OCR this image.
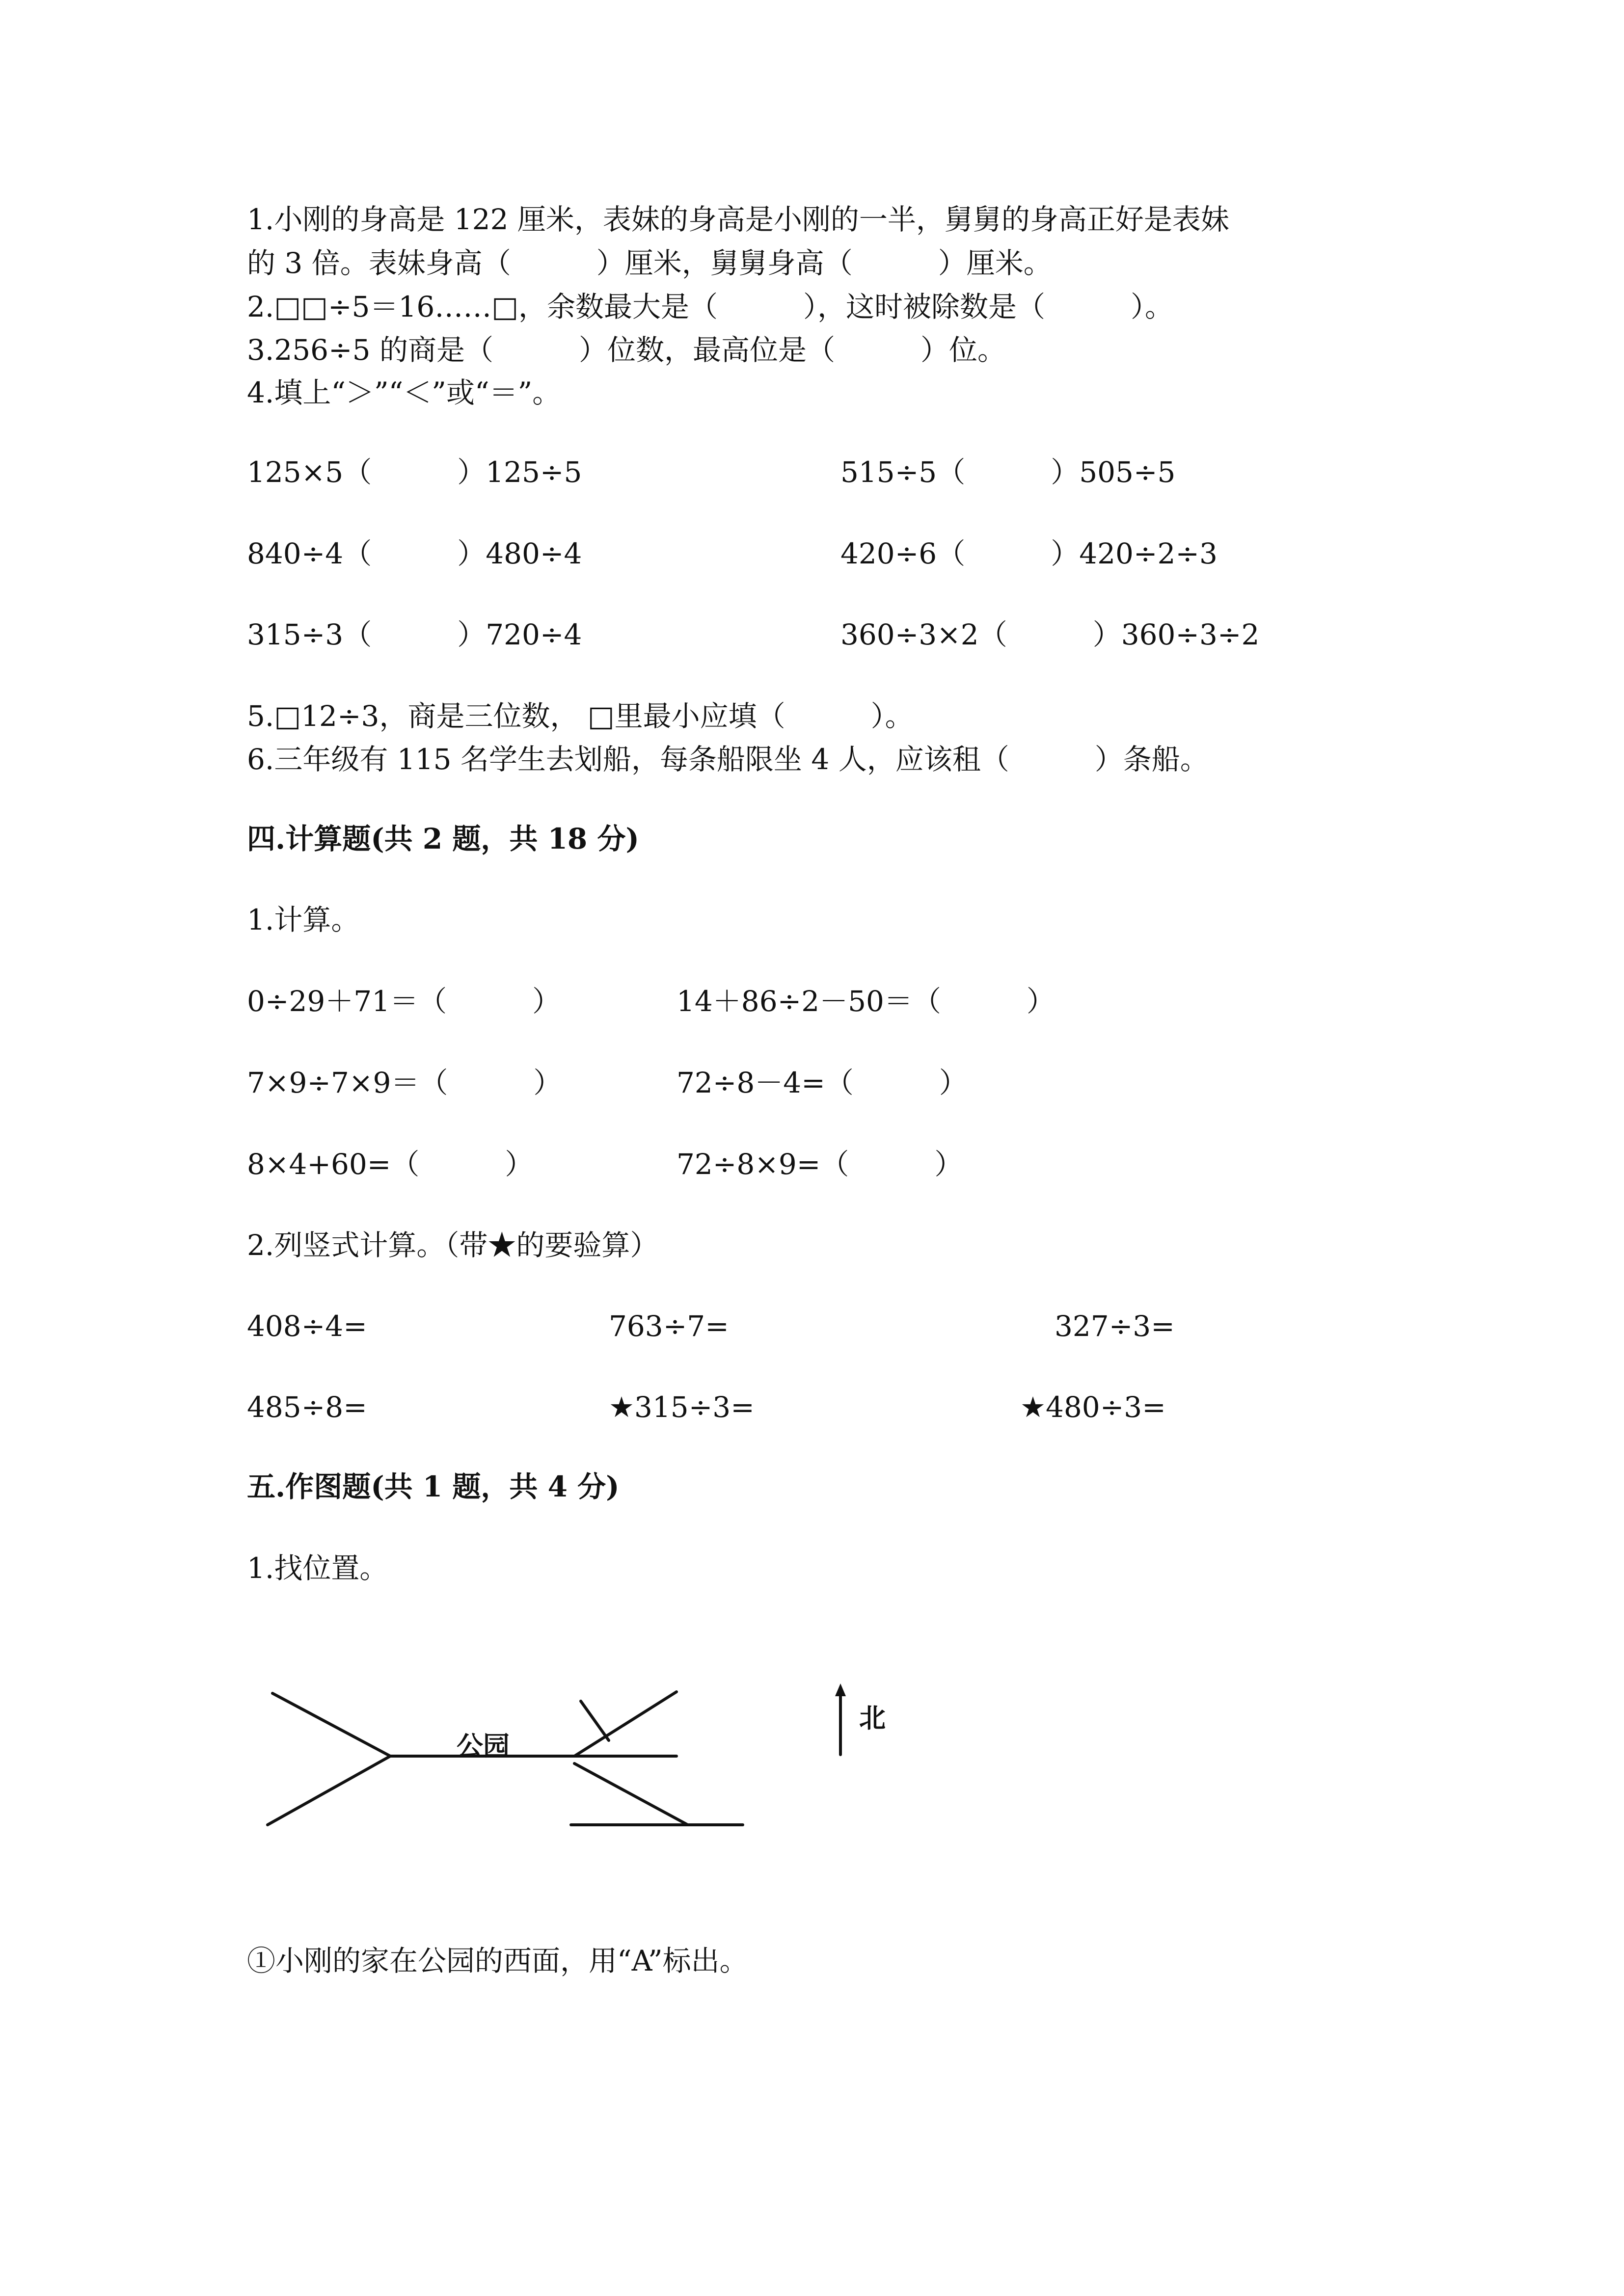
1.小刚的身高是 122 厘米，表妹的身高是小刚的一半，舅舅的身高正好是表妹
的 3 倍。表妹身高（　　　）厘米，舅舅身高（　　　）厘米。
2.□□÷5＝16……□，余数最大是（　　　），这时被除数是（　　　）。
3.256÷5 的商是（　　　）位数，最高位是（　　　）位。
4.填上“＞”“＜”或“＝”。
125×5（　　　）125÷5	515÷5（　　　）505÷5
840÷4（　　　）480÷4	420÷6（　　　）420÷2÷3
315÷3（　　　）720÷4	360÷3×2（　　　）360÷3÷2
5.□12÷3，商是三位数， □里最小应填（　　　）。
6.三年级有 115 名学生去划船，每条船限坐 4 人，应该租（　　　）条船。
四.计算题(共 2 题，共 18 分)
1.计算。
0÷29＋71＝（　　　）	14＋86÷2－50＝（　　　）
7×9÷7×9＝（　　　）	72÷8－4=（　　　）
8×4+60=（　　　）	72÷8×9=（　　　）
2.列竖式计算。（带★的要验算）
408÷4=	763÷7=	327÷3=
485÷8=	★315÷3=	★480÷3=
五.作图题(共 1 题，共 4 分)
1.找位置。
公园
北
①小刚的家在公园的西面，用“A”标出。
